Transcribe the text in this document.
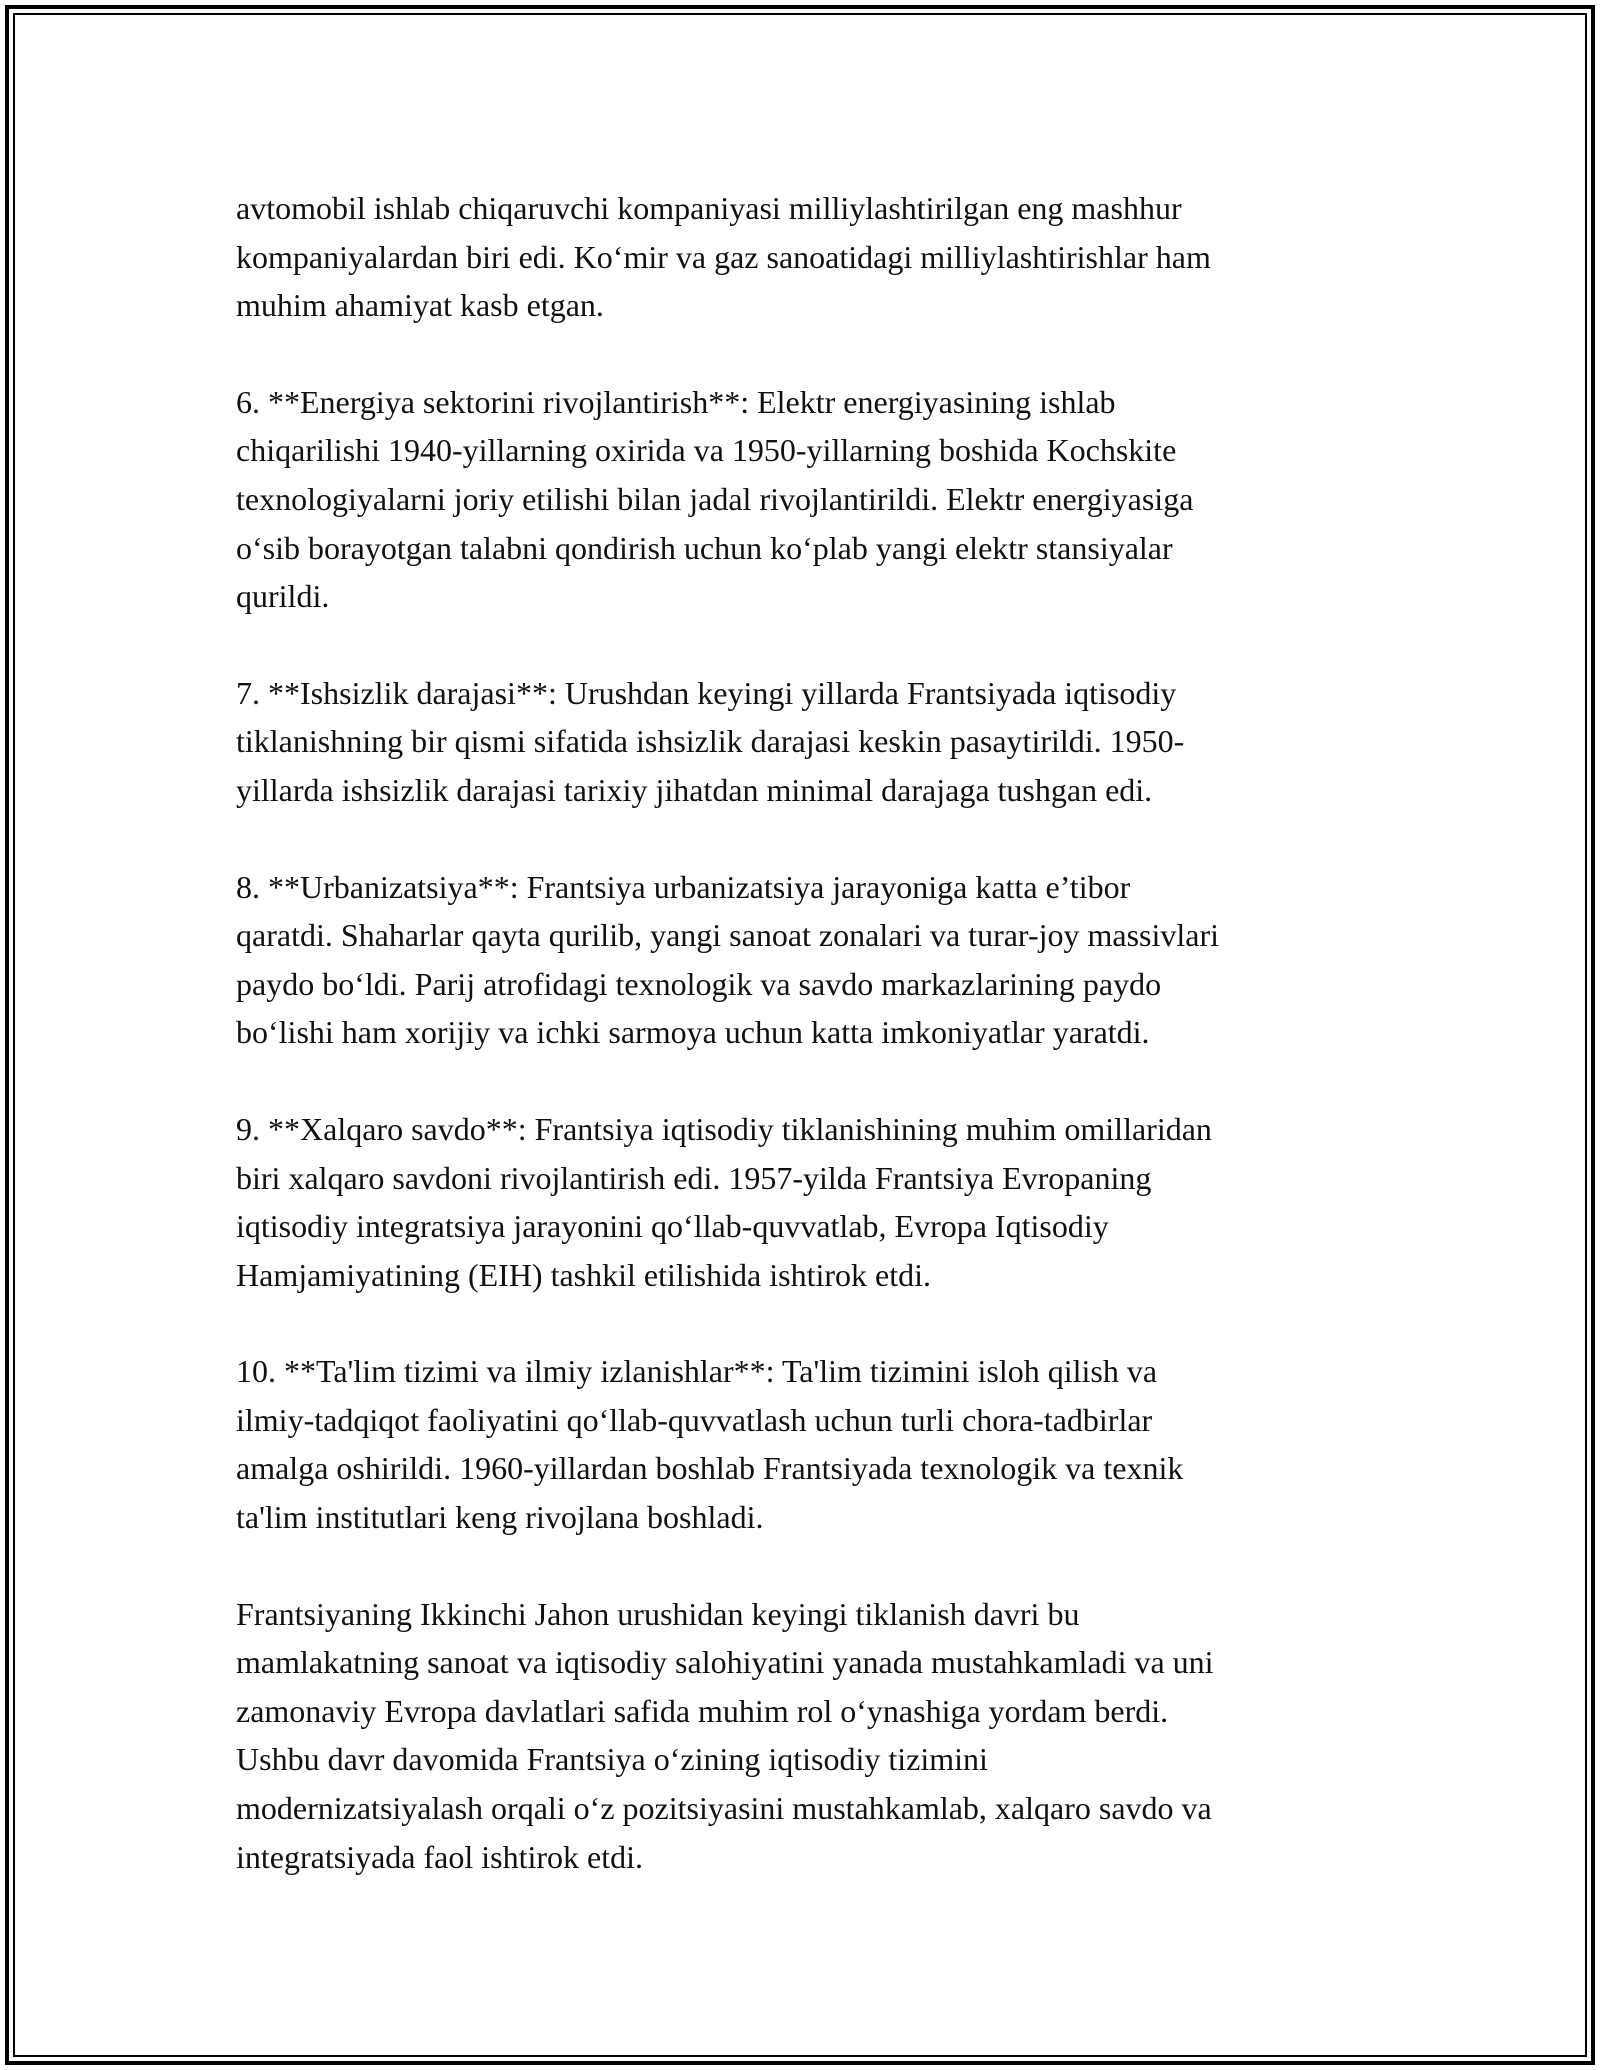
avtomobil ishlab chiqaruvchi kompaniyasi milliylashtirilgan eng mashhur
kompaniyalardan biri edi. Ko‘mir va gaz sanoatidagi milliylashtirishlar ham
muhim ahamiyat kasb etgan.

6. **Energiya sektorini rivojlantirish**: Elektr energiyasining ishlab
chiqarilishi 1940-yillarning oxirida va 1950-yillarning boshida Kochskite
texnologiyalarni joriy etilishi bilan jadal rivojlantirildi. Elektr energiyasiga
o‘sib borayotgan talabni qondirish uchun ko‘plab yangi elektr stansiyalar
qurildi.

7. **Ishsizlik darajasi**: Urushdan keyingi yillarda Frantsiyada iqtisodiy
tiklanishning bir qismi sifatida ishsizlik darajasi keskin pasaytirildi. 1950-
yillarda ishsizlik darajasi tarixiy jihatdan minimal darajaga tushgan edi.

8. **Urbanizatsiya**: Frantsiya urbanizatsiya jarayoniga katta e’tibor
qaratdi. Shaharlar qayta qurilib, yangi sanoat zonalari va turar-joy massivlari
paydo bo‘ldi. Parij atrofidagi texnologik va savdo markazlarining paydo
bo‘lishi ham xorijiy va ichki sarmoya uchun katta imkoniyatlar yaratdi.

9. **Xalqaro savdo**: Frantsiya iqtisodiy tiklanishining muhim omillaridan
biri xalqaro savdoni rivojlantirish edi. 1957-yilda Frantsiya Evropaning
iqtisodiy integratsiya jarayonini qo‘llab-quvvatlab, Evropa Iqtisodiy
Hamjamiyatining (EIH) tashkil etilishida ishtirok etdi.

10. **Ta'lim tizimi va ilmiy izlanishlar**: Ta'lim tizimini isloh qilish va
ilmiy-tadqiqot faoliyatini qo‘llab-quvvatlash uchun turli chora-tadbirlar
amalga oshirildi. 1960-yillardan boshlab Frantsiyada texnologik va texnik
ta'lim institutlari keng rivojlana boshladi.

Frantsiyaning Ikkinchi Jahon urushidan keyingi tiklanish davri bu
mamlakatning sanoat va iqtisodiy salohiyatini yanada mustahkamladi va uni
zamonaviy Evropa davlatlari safida muhim rol o‘ynashiga yordam berdi.
Ushbu davr davomida Frantsiya o‘zining iqtisodiy tizimini
modernizatsiyalash orqali o‘z pozitsiyasini mustahkamlab, xalqaro savdo va
integratsiyada faol ishtirok etdi.
